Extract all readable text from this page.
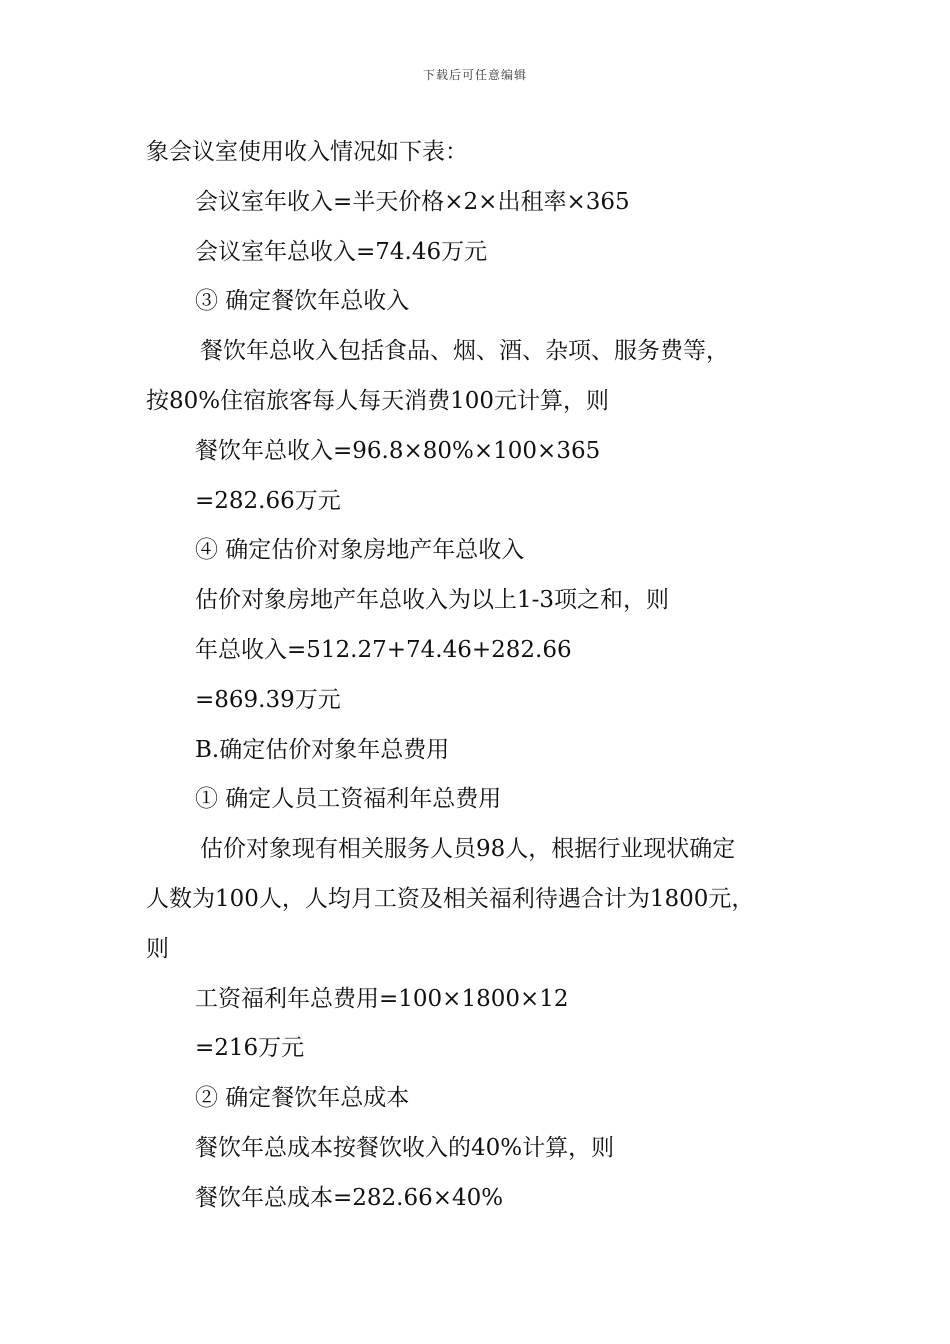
下载后可任意编辑
象会议室使用收入情况如下表：
会议室年收入=半天价格×2×出租率×365
会议室年总收入=74.46万元
③ 确定餐饮年总收入
餐饮年总收入包括食品、烟、酒、杂项、服务费等，
按80%住宿旅客每人每天消费100元计算，则
餐饮年总收入=96.8×80%×100×365
=282.66万元
④ 确定估价对象房地产年总收入
估价对象房地产年总收入为以上1-3项之和，则
年总收入=512.27+74.46+282.66
=869.39万元
B.确定估价对象年总费用
① 确定人员工资福利年总费用
估价对象现有相关服务人员98人，根据行业现状确定
人数为100人，人均月工资及相关福利待遇合计为1800元，
则
工资福利年总费用=100×1800×12
=216万元
② 确定餐饮年总成本
餐饮年总成本按餐饮收入的40%计算，则
餐饮年总成本=282.66×40%
